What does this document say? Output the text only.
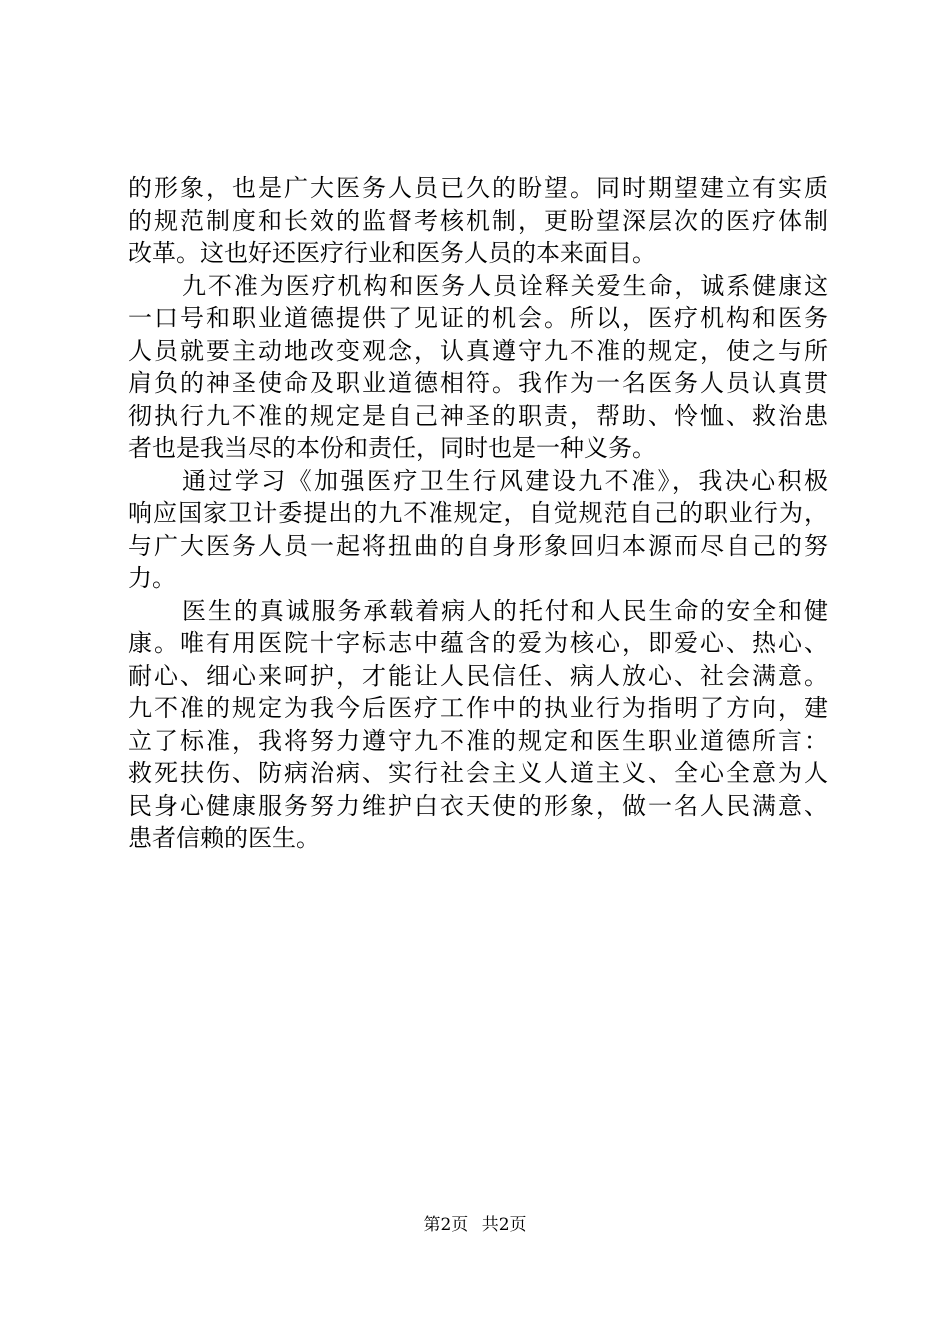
的形象，也是广大医务人员已久的盼望。同时期望建立有实质
的规范制度和长效的监督考核机制，更盼望深层次的医疗体制
改革。这也好还医疗行业和医务人员的本来面目。
九不准为医疗机构和医务人员诠释关爱生命，诚系健康这
一口号和职业道德提供了见证的机会。所以，医疗机构和医务
人员就要主动地改变观念，认真遵守九不准的规定，使之与所
肩负的神圣使命及职业道德相符。我作为一名医务人员认真贯
彻执行九不准的规定是自己神圣的职责，帮助、怜恤、救治患
者也是我当尽的本份和责任，同时也是一种义务。
通过学习《加强医疗卫生行风建设九不准》，我决心积极
响应国家卫计委提出的九不准规定，自觉规范自己的职业行为，
与广大医务人员一起将扭曲的自身形象回归本源而尽自己的努
力。
医生的真诚服务承载着病人的托付和人民生命的安全和健
康。唯有用医院十字标志中蕴含的爱为核心，即爱心、热心、
耐心、细心来呵护，才能让人民信任、病人放心、社会满意。
九不准的规定为我今后医疗工作中的执业行为指明了方向，建
立了标准，我将努力遵守九不准的规定和医生职业道德所言：
救死扶伤、防病治病、实行社会主义人道主义、全心全意为人
民身心健康服务努力维护白衣天使的形象，做一名人民满意、
患者信赖的医生。
第2页 共2页
